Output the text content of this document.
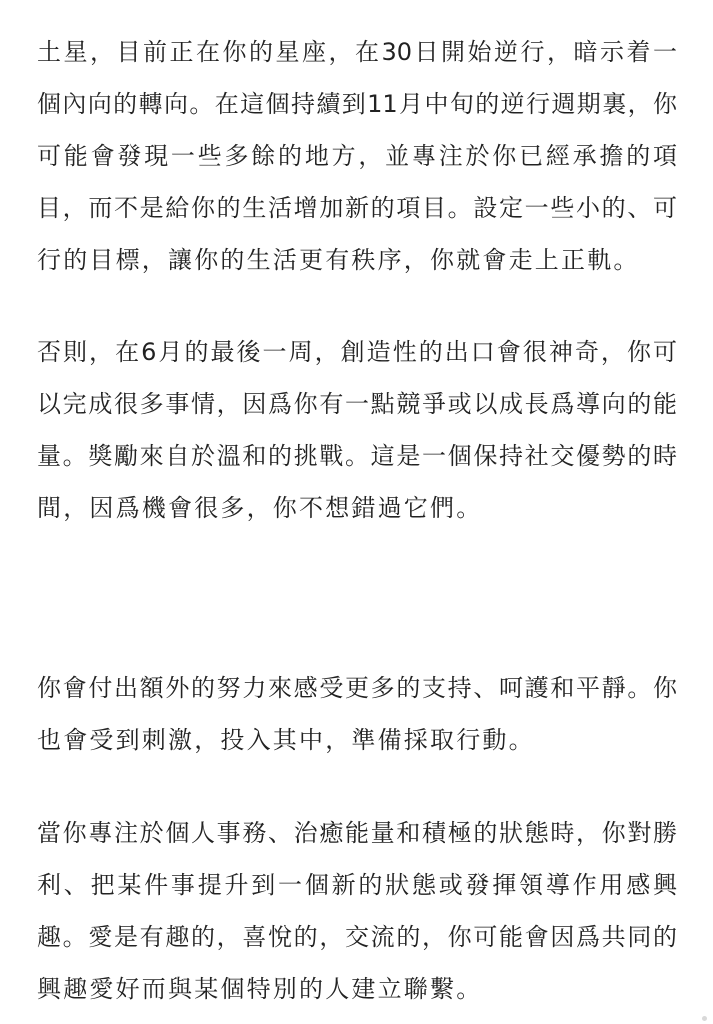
土星，目前正在你的星座，在30日開始逆行，暗示着一
個內向的轉向。在這個持續到11月中旬的逆行週期裏，你
可能會發現一些多餘的地方，並專注於你已經承擔的項
目，而不是給你的生活增加新的項目。設定一些小的、可
行的目標，讓你的生活更有秩序，你就會走上正軌。
否則，在6月的最後一周，創造性的出口會很神奇，你可
以完成很多事情，因爲你有一點競爭或以成長爲導向的能
量。獎勵來自於溫和的挑戰。這是一個保持社交優勢的時
間，因爲機會很多，你不想錯過它們。
你會付出額外的努力來感受更多的支持、呵護和平靜。你
也會受到刺激，投入其中，準備採取行動。
當你專注於個人事務、治癒能量和積極的狀態時，你對勝
利、把某件事提升到一個新的狀態或發揮領導作用感興
趣。愛是有趣的，喜悅的，交流的，你可能會因爲共同的
興趣愛好而與某個特別的人建立聯繫。
